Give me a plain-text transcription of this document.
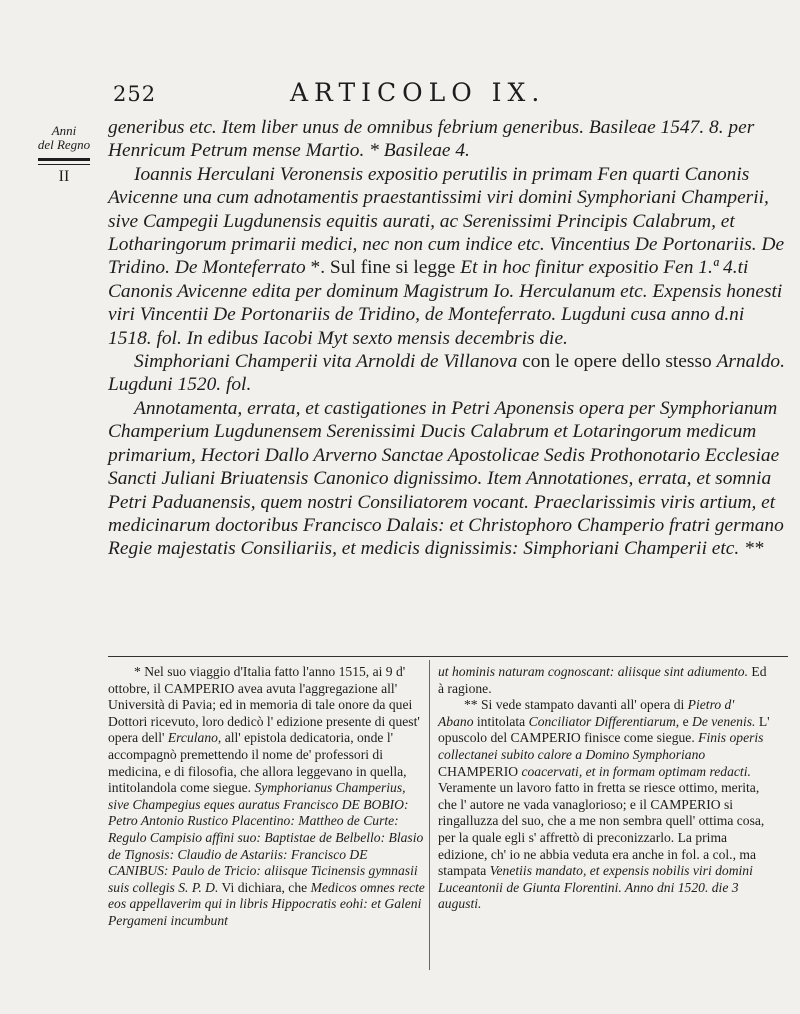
252	ARTICOLO IX.
Anni
del Regno
II

generibus etc. Item liber unus de omnibus febrium generibus. Basileae 1547. 8. per Henricum Petrum mense Martio. * Basileae 4.

Ioannis Herculani Veronensis expositio perutilis in primam Fen quarti Canonis Avicenne una cum adnotamentis praestantissimi viri domini Symphoriani Champerii, sive Campegii Lugdunensis equitis aurati, ac Serenissimi Principis Calabrum, et Lotharingorum primarii medici, nec non cum indice etc. Vincentius De Portonariis. De Tridino. De Monteferrato *. Sul fine si legge Et in hoc finitur expositio Fen 1.ª 4.ti Canonis Avicenne edita per dominum Magistrum Io. Herculanum etc. Expensis honesti viri Vincentii De Portonariis de Tridino, de Monteferrato. Lugduni cusa anno d.ni 1518. fol. In edibus Iacobi Myt sexto mensis decembris die.

Simphoriani Champerii vita Arnoldi de Villanova con le opere dello stesso Arnaldo. Lugduni 1520. fol.

Annotamenta, errata, et castigationes in Petri Aponensis opera per Symphorianum Champerium Lugdunensem Serenissimi Ducis Calabrum et Lotaringorum medicum primarium, Hectori Dallo Arverno Sanctae Apostolicae Sedis Prothonotario Ecclesiae Sancti Juliani Briuatensis Canonico dignissimo. Item Annotationes, errata, et somnia Petri Paduanensis, quem nostri Consiliatorem vocant. Praeclarissimis viris artium, et medicinarum doctoribus Francisco Dalais: et Christophoro Champerio fratri germano Regie majestatis Consiliariis, et medicis dignissimis: Simphoriani Champerii etc. **

* Nel suo viaggio d'Italia fatto l'anno 1515, ai 9 d' ottobre, il CAMPERIO avea avuta l'aggregazione all' Università di Pavia; ed in memoria di tale onore da quei Dottori ricevuto, loro dedicò l' edizione presente di quest' opera dell' Erculano, all' epistola dedicatoria, onde l' accompagnò premettendo il nome de' professori di medicina, e di filosofia, che allora leggevano in quella, intitolandola come siegue. Symphorianus Champerius, sive Champegius eques auratus Francisco DE BOBIO: Petro Antonio Rustico Placentino: Mattheo de Curte: Regulo Campisio affini suo: Baptistae de Belbello: Blasio de Tignosis: Claudio de Astariis: Francisco DE CANIBUS: Paulo de Tricio: aliisque Ticinensis gymnasii suis collegis S. P. D. Vi dichiara, che Medicos omnes recte eos appellaverim qui in libris Hippocratis eohi: et Galeni Pergameni incumbunt

ut hominis naturam cognoscant: aliisque sint adiumento. Ed à ragione.

** Si vede stampato davanti all' opera di Pietro d' Abano intitolata Conciliator Differentiarum, e De venenis. L' opuscolo del CAMPERIO finisce come siegue. Finis operis collectanei subito calore a Domino Symphoriano CHAMPERIO coacervati, et in formam optimam redacti. Veramente un lavoro fatto in fretta se riesce ottimo, merita, che l' autore ne vada vanaglorioso; e il CAMPERIO si ringalluzza del suo, che a me non sembra quell' ottima cosa, per la quale egli s' affrettò di preconizzarlo. La prima edizione, ch' io ne abbia veduta era anche in fol. a col., ma stampata Venetiis mandato, et expensis nobilis viri domini Luceantonii de Giunta Florentini. Anno dni 1520. die 3 augusti.
